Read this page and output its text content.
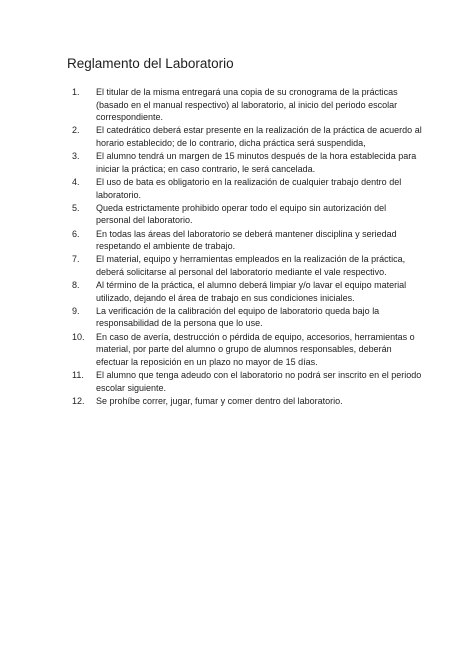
Reglamento del Laboratorio
1.	El titular de la misma entregará una copia de su cronograma de la prácticas (basado en el manual respectivo) al laboratorio, al inicio del periodo escolar correspondiente.
2.	El catedrático deberá estar presente en la realización de la práctica de acuerdo al horario establecido; de lo contrario, dicha práctica será suspendida,
3.	El alumno tendrá un margen de 15 minutos después de la hora establecida para iniciar la práctica; en caso contrario, le será cancelada.
4.	El uso de bata es obligatorio en la realización de cualquier trabajo dentro del laboratorio.
5.	Queda estrictamente prohibido operar todo el equipo sin autorización del personal del laboratorio.
6.	En todas las áreas del laboratorio se deberá mantener disciplina y seriedad respetando el ambiente de trabajo.
7.	El material, equipo y herramientas empleados en la realización de la práctica, deberá solicitarse al personal del laboratorio mediante el vale respectivo.
8.	Al término de la práctica, el alumno deberá limpiar y/o lavar el equipo material utilizado, dejando el área de trabajo en sus condiciones iniciales.
9.	La verificación de la calibración del equipo de laboratorio queda bajo la responsabilidad de la persona que lo use.
10.	En caso de avería, destrucción o pérdida de equipo, accesorios, herramientas o material, por parte del alumno o grupo de alumnos responsables, deberán efectuar la reposición en un plazo no mayor de 15 días.
11.	El alumno que tenga adeudo con el laboratorio no podrá ser inscrito en el periodo escolar siguiente.
12.	Se prohíbe correr, jugar, fumar y comer dentro del laboratorio.
